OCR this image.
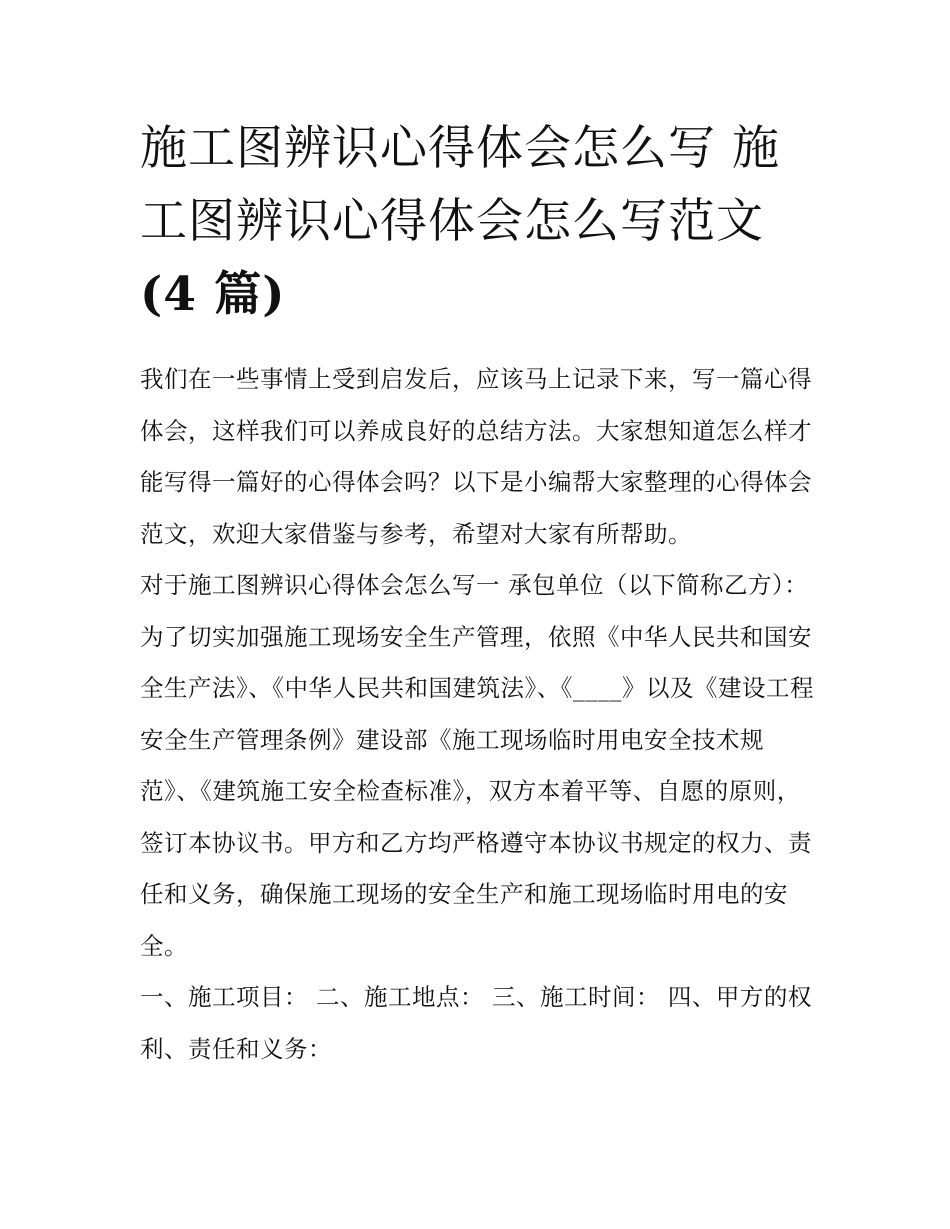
施工图辨识心得体会怎么写 施
工图辨识心得体会怎么写范文
(4 篇)

我们在一些事情上受到启发后，应该马上记录下来，写一篇心得体会，这样我们可以养成良好的总结方法。大家想知道怎么样才能写得一篇好的心得体会吗？以下是小编帮大家整理的心得体会范文，欢迎大家借鉴与参考，希望对大家有所帮助。

对于施工图辨识心得体会怎么写一 承包单位（以下简称乙方）：

为了切实加强施工现场安全生产管理，依照《中华人民共和国安全生产法》、《中华人民共和国建筑法》、《____》以及《建设工程安全生产管理条例》建设部《施工现场临时用电安全技术规范》、《建筑施工安全检查标准》，双方本着平等、自愿的原则，签订本协议书。甲方和乙方均严格遵守本协议书规定的权力、责任和义务，确保施工现场的安全生产和施工现场临时用电的安全。

一、施工项目： 二、施工地点： 三、施工时间： 四、甲方的权利、责任和义务：
